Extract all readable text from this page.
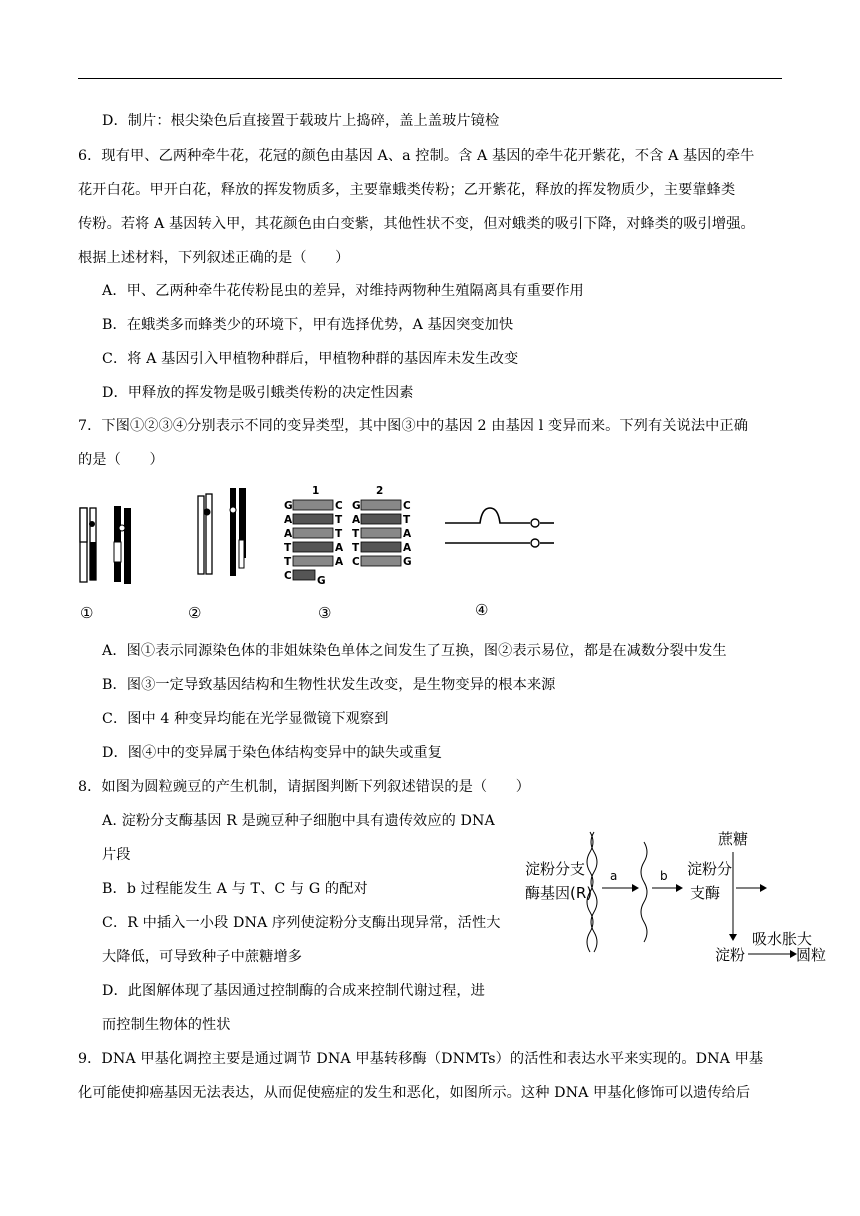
D．制片：根尖染色后直接置于载玻片上捣碎，盖上盖玻片镜检
6．现有甲、乙两种牵牛花，花冠的颜色由基因 A、a 控制。含 A 基因的牵牛花开紫花，不含 A 基因的牵牛
花开白花。甲开白花，释放的挥发物质多，主要靠蛾类传粉；乙开紫花，释放的挥发物质少，主要靠蜂类
传粉。若将 A 基因转入甲，其花颜色由白变紫，其他性状不变，但对蛾类的吸引下降，对蜂类的吸引增强。
根据上述材料，下列叙述正确的是（　　）
A．甲、乙两种牵牛花传粉昆虫的差异，对维持两物种生殖隔离具有重要作用
B．在蛾类多而蜂类少的环境下，甲有选择优势，A 基因突变加快
C．将 A 基因引入甲植物种群后，甲植物种群的基因库未发生改变
D．甲释放的挥发物是吸引蛾类传粉的决定性因素
7．下图①②③④分别表示不同的变异类型，其中图③中的基因 2 由基因 l 变异而来。下列有关说法中正确
的是（　　）
1	2
G	C
A	T
A	T
T	A
T	A
C G
G	C
A	T
T	A
T	A
C	G
①	②	③	④
A．图①表示同源染色体的非姐妹染色单体之间发生了互换，图②表示易位，都是在减数分裂中发生
B．图③一定导致基因结构和生物性状发生改变，是生物变异的根本来源
C．图中 4 种变异均能在光学显微镜下观察到
D．图④中的变异属于染色体结构变异中的缺失或重复
8．如图为圆粒豌豆的产生机制，请据图判断下列叙述错误的是（　　）
A. 淀粉分支酶基因 R 是豌豆种子细胞中具有遗传效应的 DNA
片段
B．b 过程能发生 A 与 T、C 与 G 的配对
C．R 中插入一小段 DNA 序列使淀粉分支酶出现异常，活性大
大降低，可导致种子中蔗糖增多
D．此图解体现了基因通过控制酶的合成来控制代谢过程，进
而控制生物体的性状
淀粉分支
酶基因(R)
a	b 淀粉分
支酶
蔗糖
淀粉
吸水胀大
圆粒
9．DNA 甲基化调控主要是通过调节 DNA 甲基转移酶（DNMTs）的活性和表达水平来实现的。DNA 甲基
化可能使抑癌基因无法表达，从而促使癌症的发生和恶化，如图所示。这种 DNA 甲基化修饰可以遗传给后
